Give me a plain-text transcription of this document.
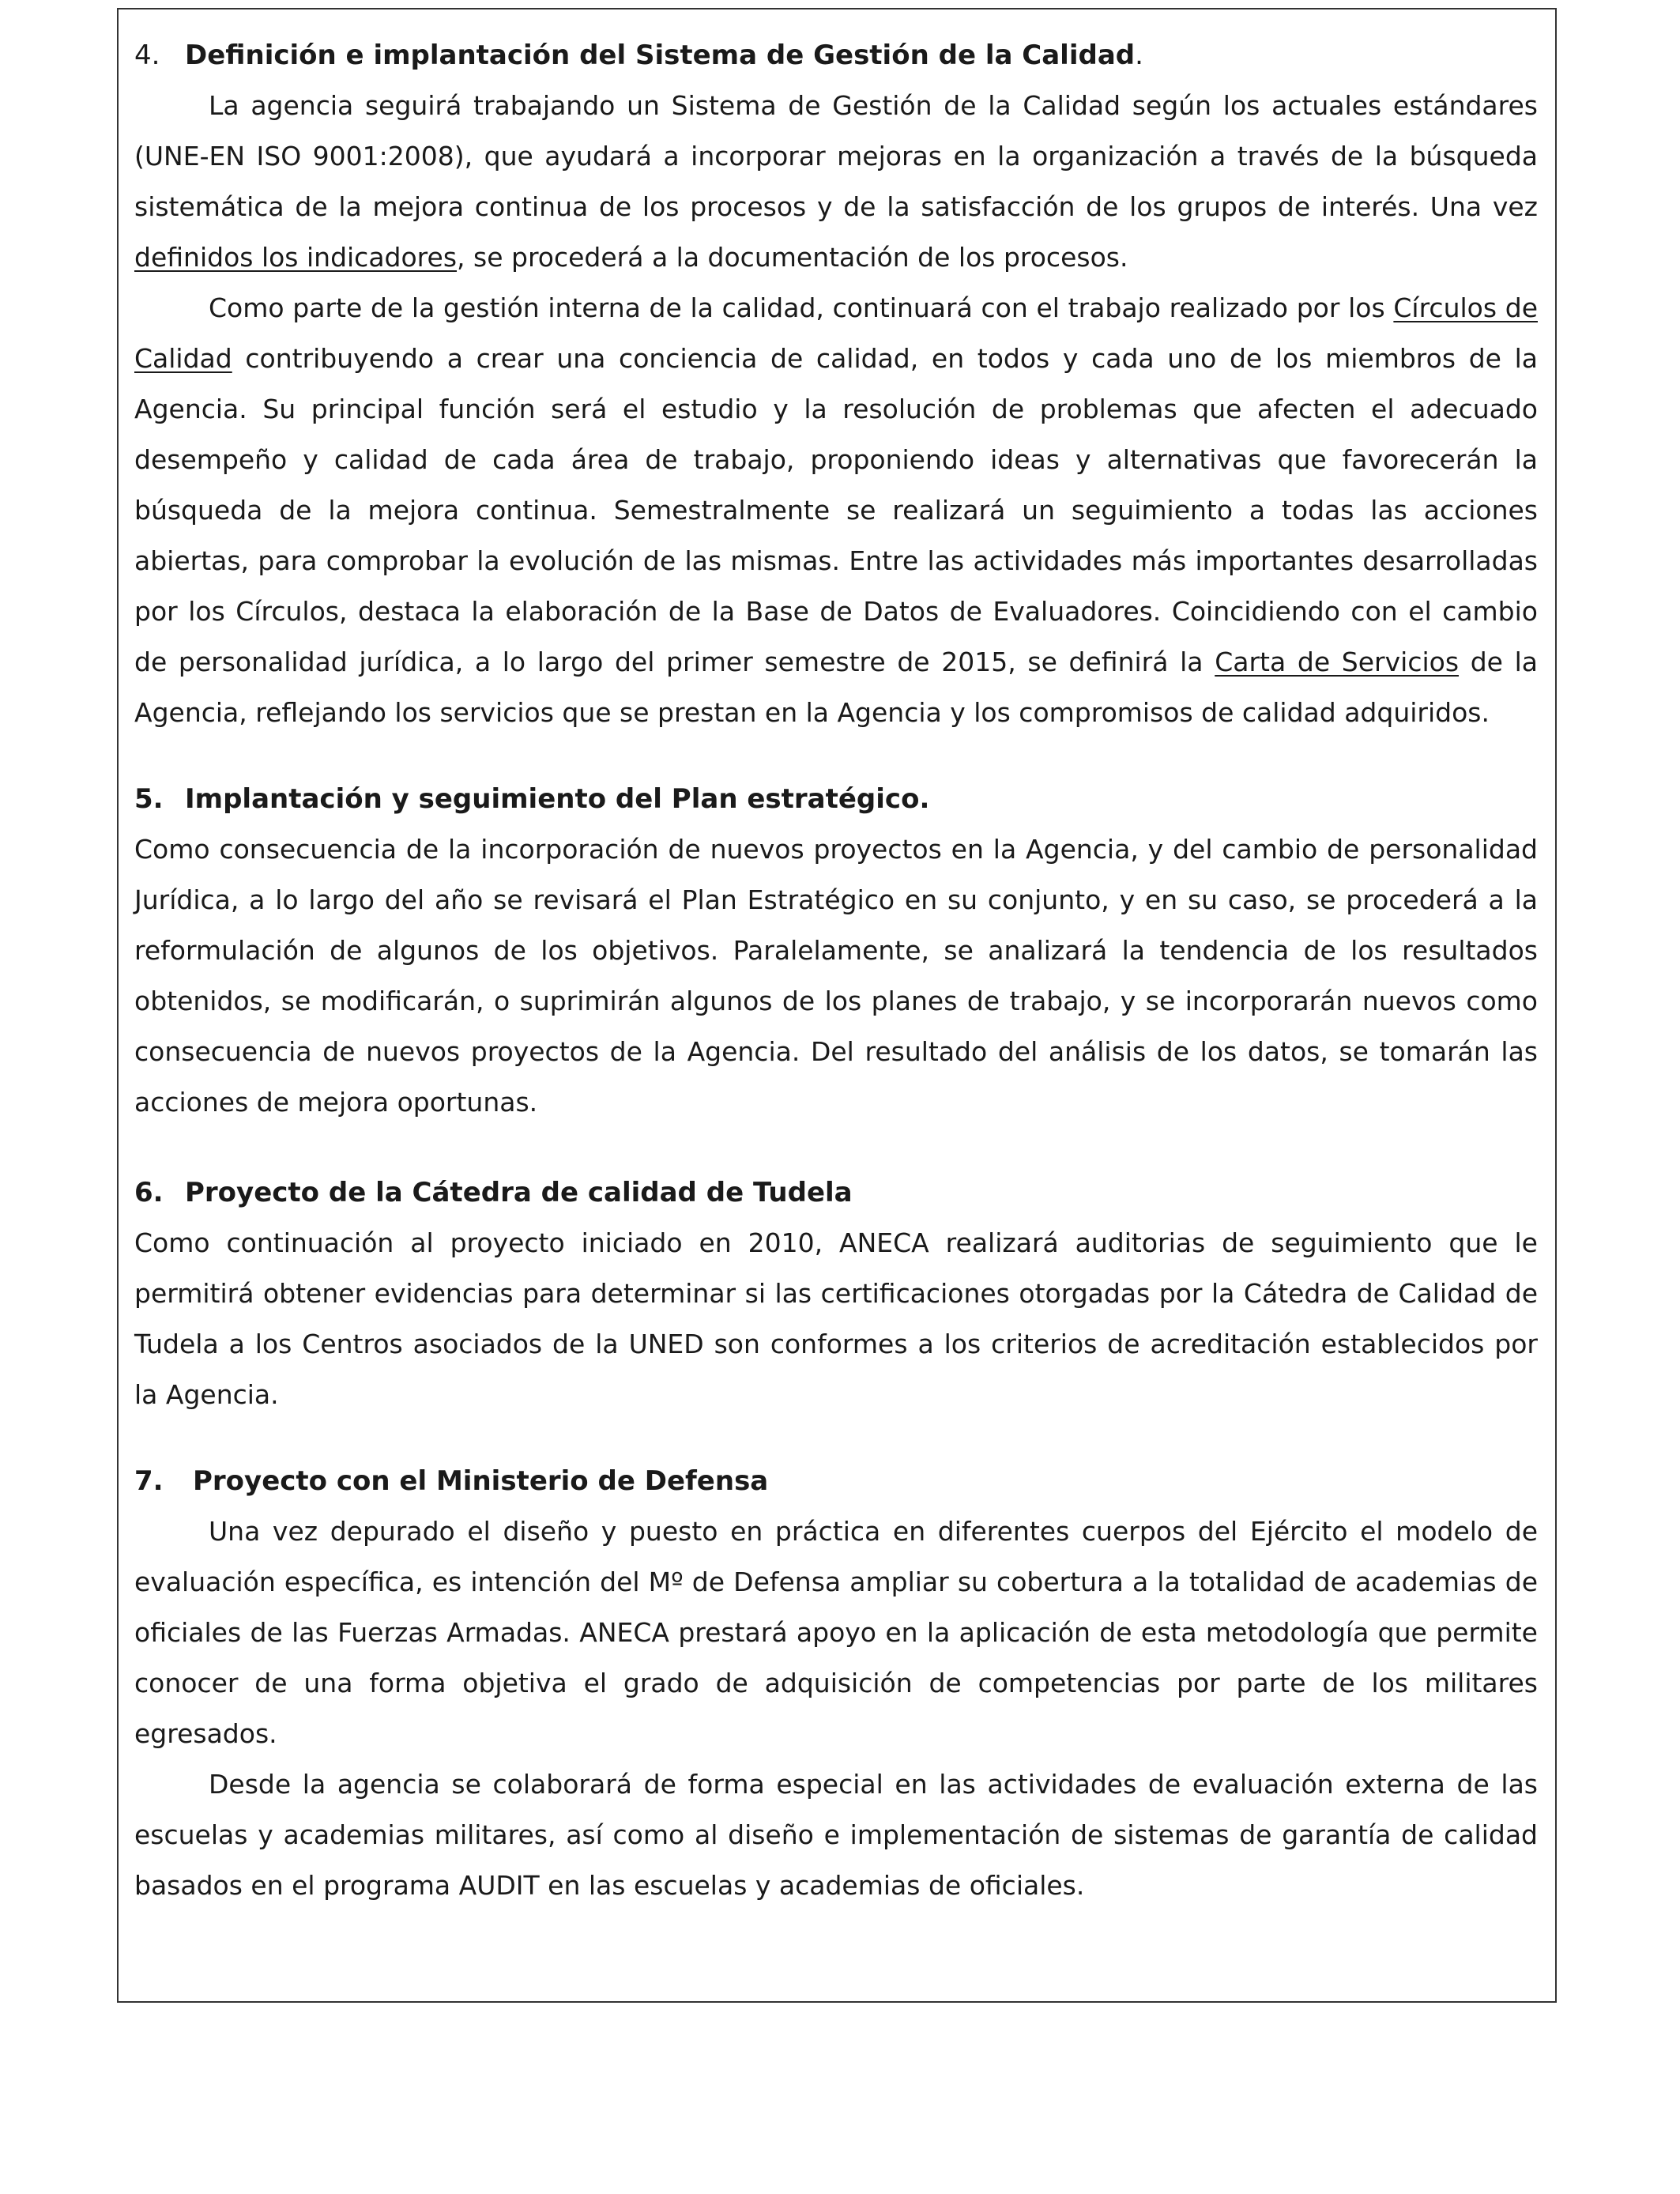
4. Definición e implantación del Sistema de Gestión de la Calidad.

La agencia seguirá trabajando un Sistema de Gestión de la Calidad según los actuales estándares (UNE-EN ISO 9001:2008), que ayudará a incorporar mejoras en la organización a través de la búsqueda sistemática de la mejora continua de los procesos y de la satisfacción de los grupos de interés. Una vez definidos los indicadores, se procederá a la documentación de los procesos.

Como parte de la gestión interna de la calidad, continuará con el trabajo realizado por los Círculos de Calidad contribuyendo a crear una conciencia de calidad, en todos y cada uno de los miembros de la Agencia. Su principal función será el estudio y la resolución de problemas que afecten el adecuado desempeño y calidad de cada área de trabajo, proponiendo ideas y alternativas que favorecerán la búsqueda de la mejora continua. Semestralmente se realizará un seguimiento a todas las acciones abiertas, para comprobar la evolución de las mismas. Entre las actividades más importantes desarrolladas por los Círculos, destaca la elaboración de la Base de Datos de Evaluadores. Coincidiendo con el cambio de personalidad jurídica, a lo largo del primer semestre de 2015, se definirá la Carta de Servicios de la Agencia, reflejando los servicios que se prestan en la Agencia y los compromisos de calidad adquiridos.

5. Implantación y seguimiento del Plan estratégico.

Como consecuencia de la incorporación de nuevos proyectos en la Agencia, y del cambio de personalidad Jurídica, a lo largo del año se revisará el Plan Estratégico en su conjunto, y en su caso, se procederá a la reformulación de algunos de los objetivos. Paralelamente, se analizará la tendencia de los resultados obtenidos, se modificarán, o suprimirán algunos de los planes de trabajo, y se incorporarán nuevos como consecuencia de nuevos proyectos de la Agencia. Del resultado del análisis de los datos, se tomarán las acciones de mejora oportunas.

6. Proyecto de la Cátedra de calidad de Tudela

Como continuación al proyecto iniciado en 2010, ANECA realizará auditorias de seguimiento que le permitirá obtener evidencias para determinar si las certificaciones otorgadas por la Cátedra de Calidad de Tudela a los Centros asociados de la UNED son conformes a los criterios de acreditación establecidos por la Agencia.

7. Proyecto con el Ministerio de Defensa

Una vez depurado el diseño y puesto en práctica en diferentes cuerpos del Ejército el modelo de evaluación específica, es intención del Mº de Defensa ampliar su cobertura a la totalidad de academias de oficiales de las Fuerzas Armadas. ANECA prestará apoyo en la aplicación de esta metodología que permite conocer de una forma objetiva el grado de adquisición de competencias por parte de los militares egresados.

Desde la agencia se colaborará de forma especial en las actividades de evaluación externa de las escuelas y academias militares, así como al diseño e implementación de sistemas de garantía de calidad basados en el programa AUDIT en las escuelas y academias de oficiales.
